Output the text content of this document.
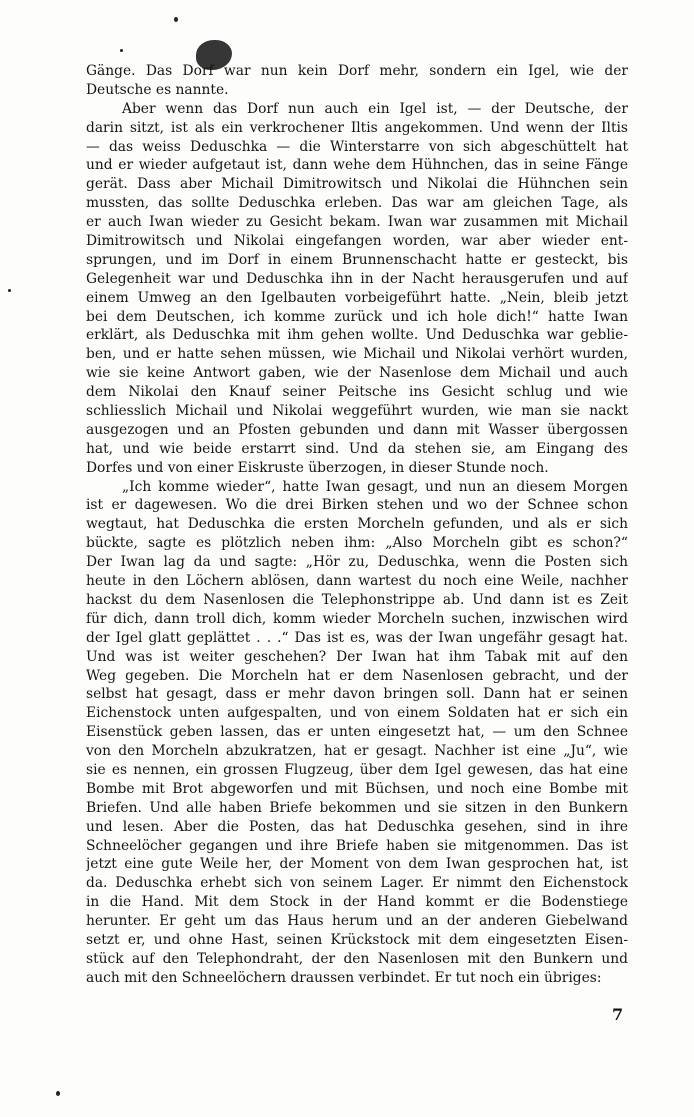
Gänge. Das Dorf war nun kein Dorf mehr, sondern ein Igel, wie der
Deutsche es nannte.
Aber wenn das Dorf nun auch ein Igel ist, — der Deutsche, der
darin sitzt, ist als ein verkrochener Iltis angekommen. Und wenn der Iltis
— das weiss Deduschka — die Winterstarre von sich abgeschüttelt hat
und er wieder aufgetaut ist, dann wehe dem Hühnchen, das in seine Fänge
gerät. Dass aber Michail Dimitrowitsch und Nikolai die Hühnchen sein
mussten, das sollte Deduschka erleben. Das war am gleichen Tage, als
er auch Iwan wieder zu Gesicht bekam. Iwan war zusammen mit Michail
Dimitrowitsch und Nikolai eingefangen worden, war aber wieder ent-
sprungen, und im Dorf in einem Brunnenschacht hatte er gesteckt, bis
Gelegenheit war und Deduschka ihn in der Nacht herausgerufen und auf
einem Umweg an den Igelbauten vorbeigeführt hatte. „Nein, bleib jetzt
bei dem Deutschen, ich komme zurück und ich hole dich!“ hatte Iwan
erklärt, als Deduschka mit ihm gehen wollte. Und Deduschka war geblie-
ben, und er hatte sehen müssen, wie Michail und Nikolai verhört wurden,
wie sie keine Antwort gaben, wie der Nasenlose dem Michail und auch
dem Nikolai den Knauf seiner Peitsche ins Gesicht schlug und wie
schliesslich Michail und Nikolai weggeführt wurden, wie man sie nackt
ausgezogen und an Pfosten gebunden und dann mit Wasser übergossen
hat, und wie beide erstarrt sind. Und da stehen sie, am Eingang des
Dorfes und von einer Eiskruste überzogen, in dieser Stunde noch.
„Ich komme wieder“, hatte Iwan gesagt, und nun an diesem Morgen
ist er dagewesen. Wo die drei Birken stehen und wo der Schnee schon
wegtaut, hat Deduschka die ersten Morcheln gefunden, und als er sich
bückte, sagte es plötzlich neben ihm: „Also Morcheln gibt es schon?“
Der Iwan lag da und sagte: „Hör zu, Deduschka, wenn die Posten sich
heute in den Löchern ablösen, dann wartest du noch eine Weile, nachher
hackst du dem Nasenlosen die Telephonstrippe ab. Und dann ist es Zeit
für dich, dann troll dich, komm wieder Morcheln suchen, inzwischen wird
der Igel glatt geplättet . . .“ Das ist es, was der Iwan ungefähr gesagt hat.
Und was ist weiter geschehen? Der Iwan hat ihm Tabak mit auf den
Weg gegeben. Die Morcheln hat er dem Nasenlosen gebracht, und der
selbst hat gesagt, dass er mehr davon bringen soll. Dann hat er seinen
Eichenstock unten aufgespalten, und von einem Soldaten hat er sich ein
Eisenstück geben lassen, das er unten eingesetzt hat, — um den Schnee
von den Morcheln abzukratzen, hat er gesagt. Nachher ist eine „Ju“, wie
sie es nennen, ein grossen Flugzeug, über dem Igel gewesen, das hat eine
Bombe mit Brot abgeworfen und mit Büchsen, und noch eine Bombe mit
Briefen. Und alle haben Briefe bekommen und sie sitzen in den Bunkern
und lesen. Aber die Posten, das hat Deduschka gesehen, sind in ihre
Schneelöcher gegangen und ihre Briefe haben sie mitgenommen. Das ist
jetzt eine gute Weile her, der Moment von dem Iwan gesprochen hat, ist
da. Deduschka erhebt sich von seinem Lager. Er nimmt den Eichenstock
in die Hand. Mit dem Stock in der Hand kommt er die Bodenstiege
herunter. Er geht um das Haus herum und an der anderen Giebelwand
setzt er, und ohne Hast, seinen Krückstock mit dem eingesetzten Eisen-
stück auf den Telephondraht, der den Nasenlosen mit den Bunkern und
auch mit den Schneelöchern draussen verbindet. Er tut noch ein übriges:
7
